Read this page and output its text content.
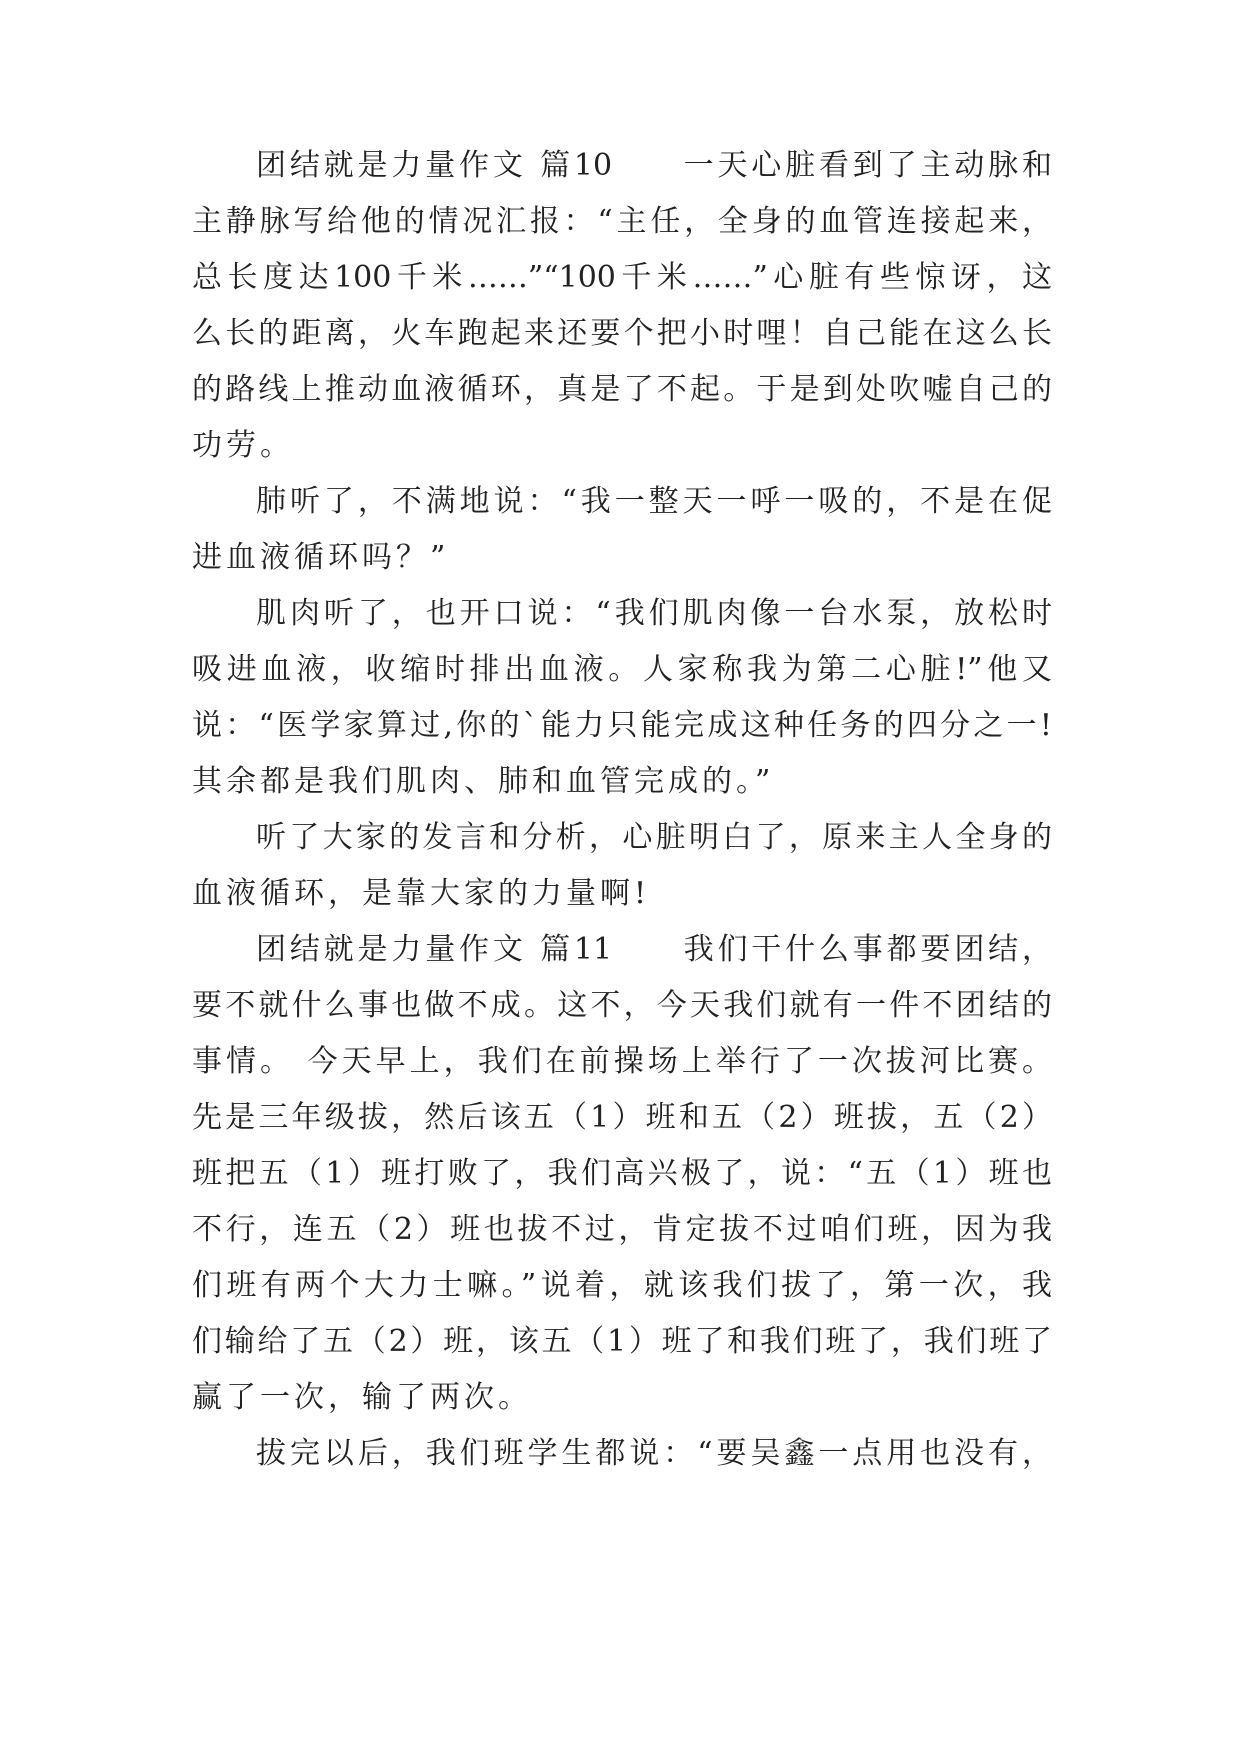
团结就是力量作文 篇10　　一天心脏看到了主动脉和
主静脉写给他的情况汇报：“主任，全身的血管连接起来，
总长度达100千米……”“100千米……”心脏有些惊讶，这
么长的距离，火车跑起来还要个把小时哩！自己能在这么长
的路线上推动血液循环，真是了不起。于是到处吹嘘自己的
功劳。
肺听了，不满地说：“我一整天一呼一吸的，不是在促
进血液循环吗？”
肌肉听了，也开口说：“我们肌肉像一台水泵，放松时
吸进血液，收缩时排出血液。人家称我为第二心脏!”他又
说：“医学家算过,你的`能力只能完成这种任务的四分之一!
其余都是我们肌肉、肺和血管完成的。”
听了大家的发言和分析，心脏明白了，原来主人全身的
血液循环，是靠大家的力量啊!
团结就是力量作文 篇11　　我们干什么事都要团结，
要不就什么事也做不成。这不，今天我们就有一件不团结的
事情。 今天早上，我们在前操场上举行了一次拔河比赛。
先是三年级拔，然后该五（1）班和五（2）班拔，五（2）
班把五（1）班打败了，我们高兴极了，说：“五（1）班也
不行，连五（2）班也拔不过，肯定拔不过咱们班，因为我
们班有两个大力士嘛。”说着，就该我们拔了，第一次，我
们输给了五（2）班，该五（1）班了和我们班了，我们班了
赢了一次，输了两次。
拔完以后，我们班学生都说：“要吴鑫一点用也没有，
